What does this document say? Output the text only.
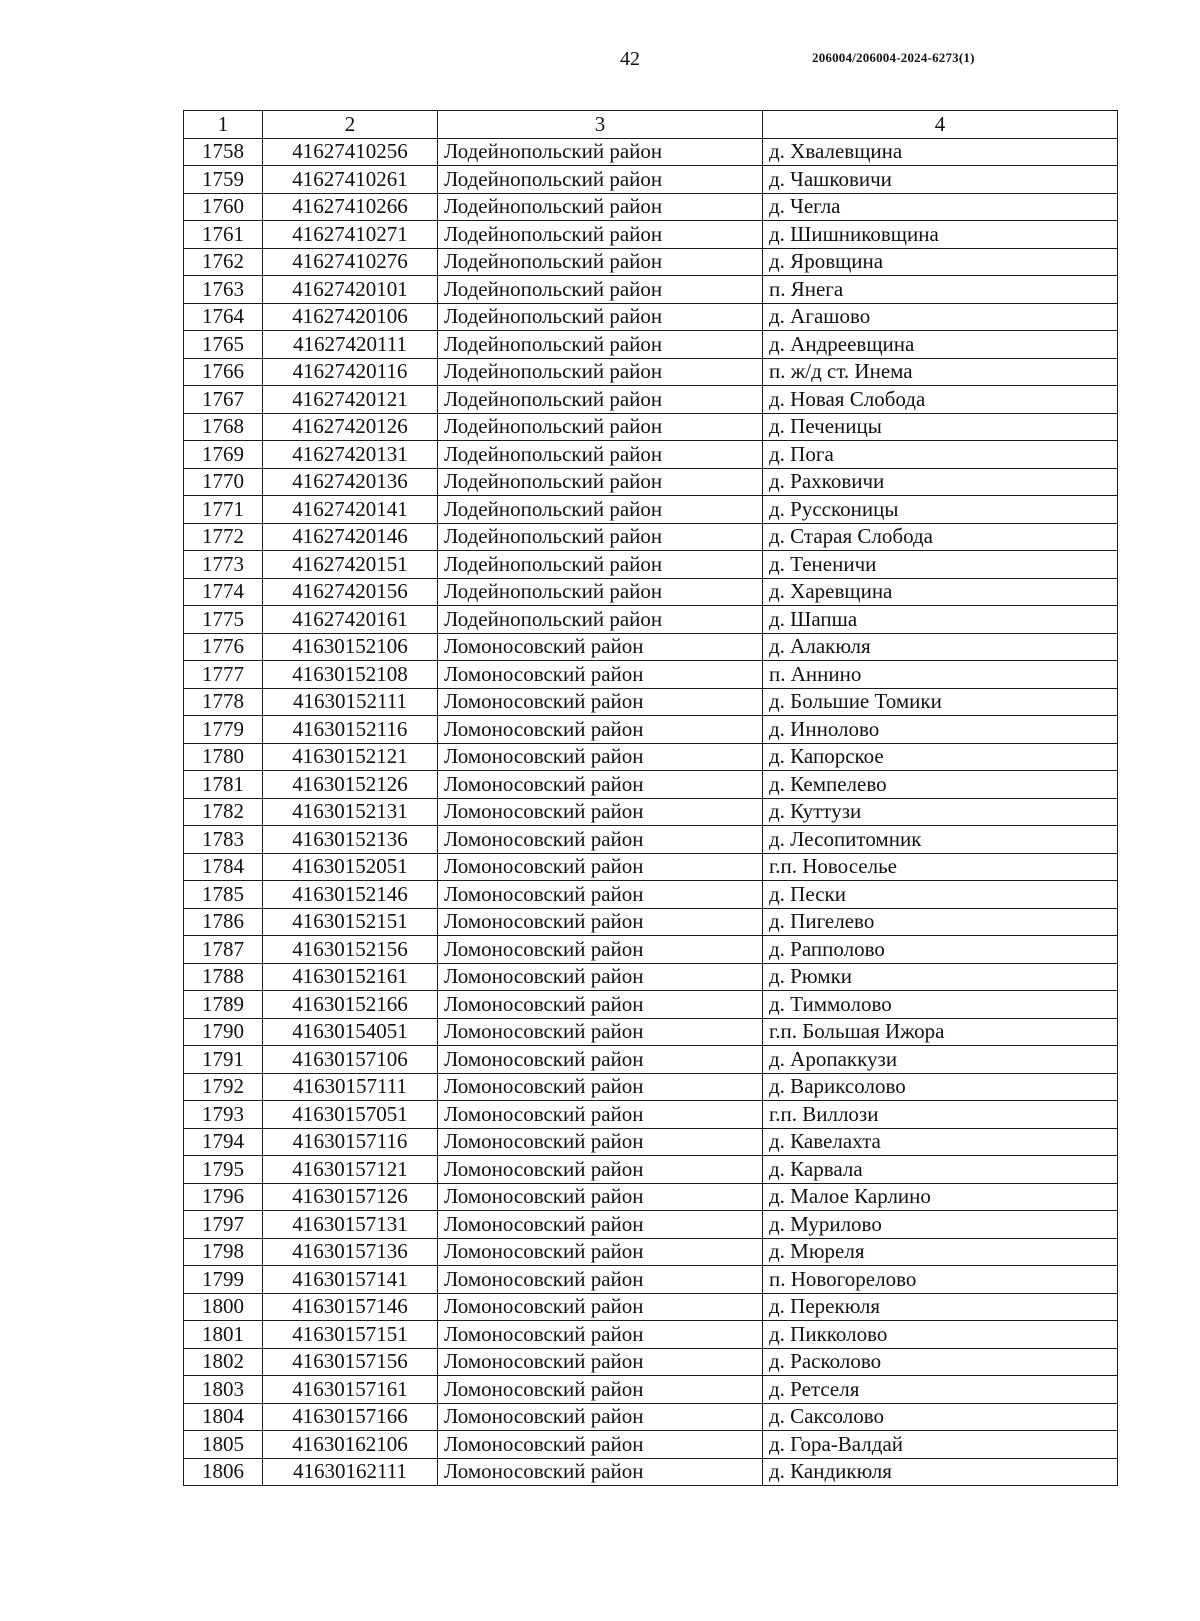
42	206004/206004-2024-6273(1)
1	2	3	4
1758	41627410256	Лодейнопольский район	д. Хвалевщина
1759	41627410261	Лодейнопольский район	д. Чашковичи
1760	41627410266	Лодейнопольский район	д. Чегла
1761	41627410271	Лодейнопольский район	д. Шишниковщина
1762	41627410276	Лодейнопольский район	д. Яровщина
1763	41627420101	Лодейнопольский район	п. Янега
1764	41627420106	Лодейнопольский район	д. Агашово
1765	41627420111	Лодейнопольский район	д. Андреевщина
1766	41627420116	Лодейнопольский район	п. ж/д ст. Инема
1767	41627420121	Лодейнопольский район	д. Новая Слобода
1768	41627420126	Лодейнопольский район	д. Печеницы
1769	41627420131	Лодейнопольский район	д. Пога
1770	41627420136	Лодейнопольский район	д. Рахковичи
1771	41627420141	Лодейнопольский район	д. Руссконицы
1772	41627420146	Лодейнопольский район	д. Старая Слобода
1773	41627420151	Лодейнопольский район	д. Тененичи
1774	41627420156	Лодейнопольский район	д. Харевщина
1775	41627420161	Лодейнопольский район	д. Шапша
1776	41630152106	Ломоносовский район	д. Алакюля
1777	41630152108	Ломоносовский район	п. Аннино
1778	41630152111	Ломоносовский район	д. Большие Томики
1779	41630152116	Ломоносовский район	д. Иннолово
1780	41630152121	Ломоносовский район	д. Капорское
1781	41630152126	Ломоносовский район	д. Кемпелево
1782	41630152131	Ломоносовский район	д. Куттузи
1783	41630152136	Ломоносовский район	д. Лесопитомник
1784	41630152051	Ломоносовский район	г.п. Новоселье
1785	41630152146	Ломоносовский район	д. Пески
1786	41630152151	Ломоносовский район	д. Пигелево
1787	41630152156	Ломоносовский район	д. Рапполово
1788	41630152161	Ломоносовский район	д. Рюмки
1789	41630152166	Ломоносовский район	д. Тиммолово
1790	41630154051	Ломоносовский район	г.п. Большая Ижора
1791	41630157106	Ломоносовский район	д. Аропаккузи
1792	41630157111	Ломоносовский район	д. Вариксолово
1793	41630157051	Ломоносовский район	г.п. Виллози
1794	41630157116	Ломоносовский район	д. Кавелахта
1795	41630157121	Ломоносовский район	д. Карвала
1796	41630157126	Ломоносовский район	д. Малое Карлино
1797	41630157131	Ломоносовский район	д. Мурилово
1798	41630157136	Ломоносовский район	д. Мюреля
1799	41630157141	Ломоносовский район	п. Новогорелово
1800	41630157146	Ломоносовский район	д. Перекюля
1801	41630157151	Ломоносовский район	д. Пикколово
1802	41630157156	Ломоносовский район	д. Расколово
1803	41630157161	Ломоносовский район	д. Ретселя
1804	41630157166	Ломоносовский район	д. Саксолово
1805	41630162106	Ломоносовский район	д. Гора-Валдай
1806	41630162111	Ломоносовский район	д. Кандикюля
